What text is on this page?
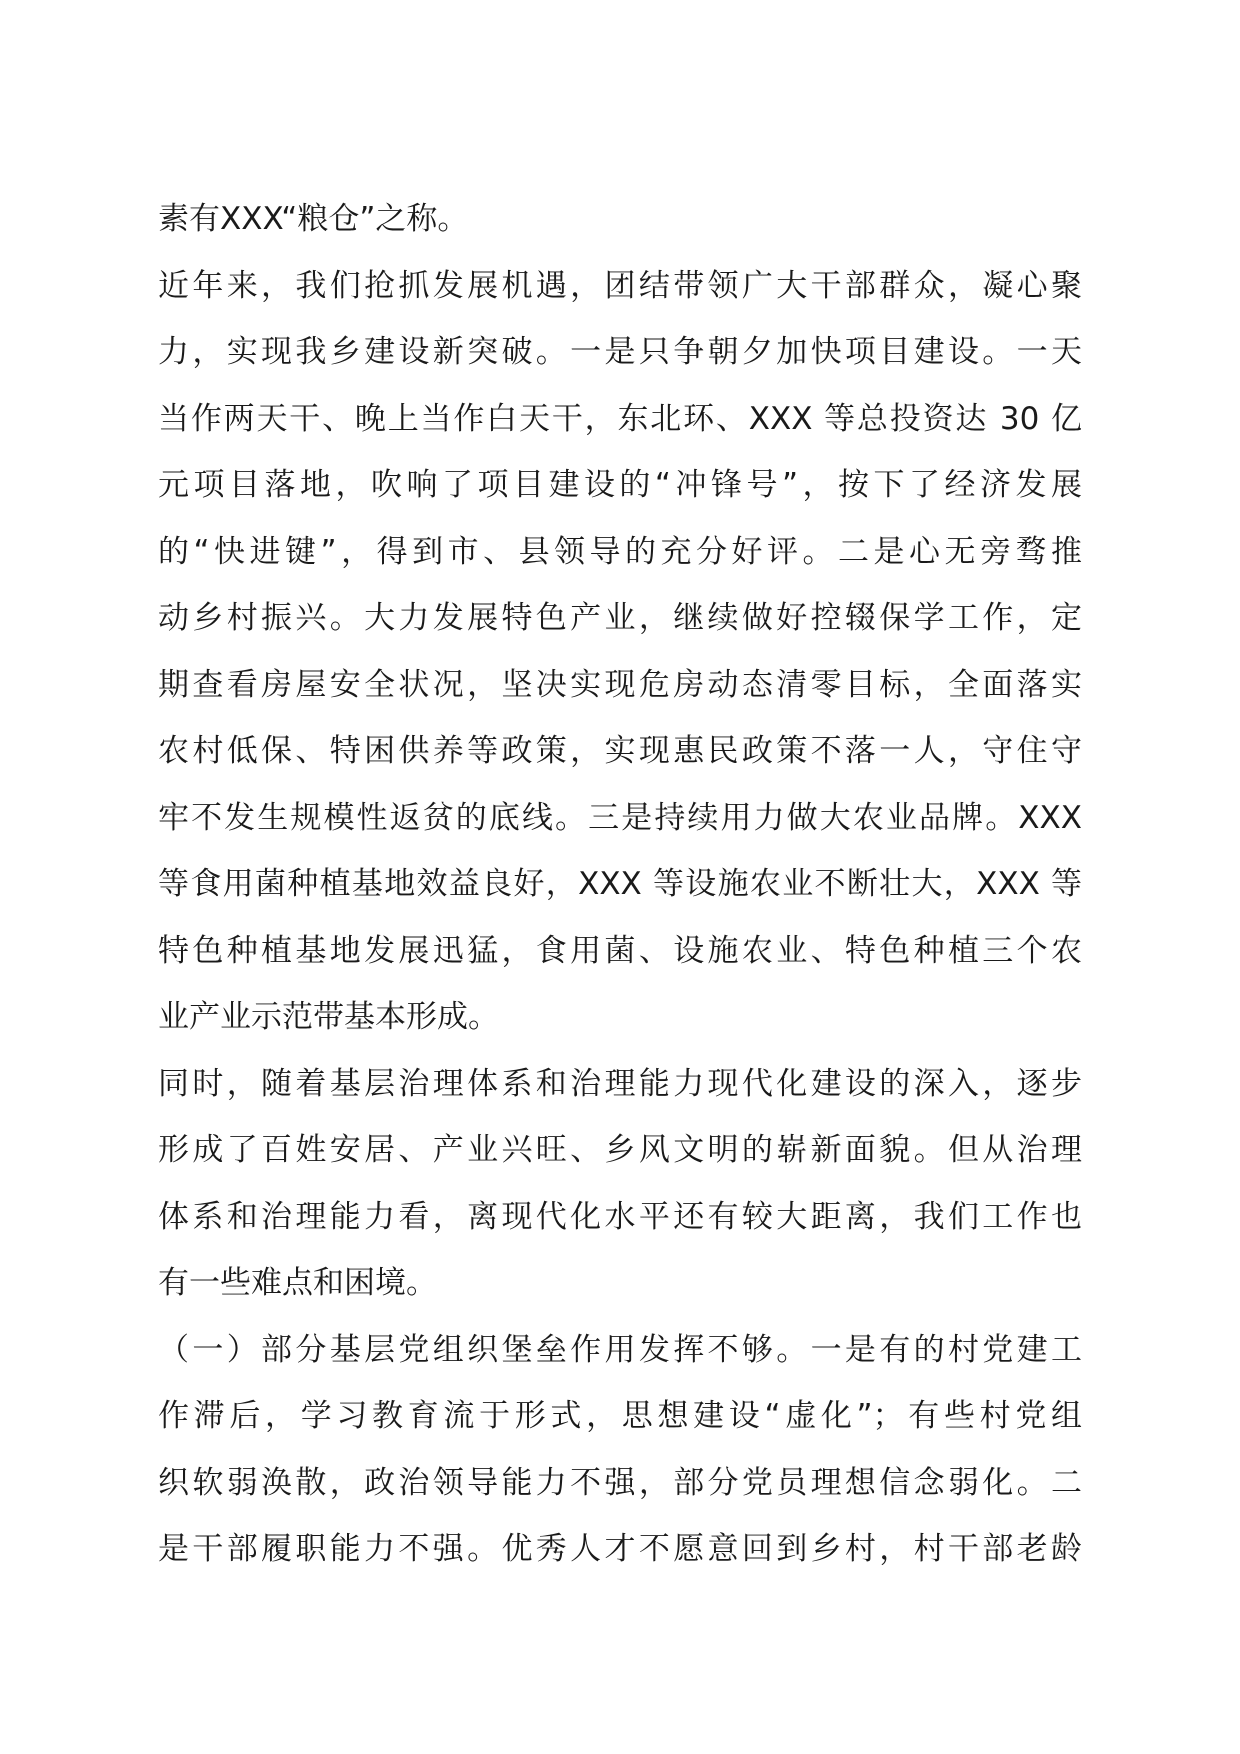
素有XXX“粮仓”之称。
近年来，我们抢抓发展机遇，团结带领广大干部群众，凝心聚
力，实现我乡建设新突破。一是只争朝夕加快项目建设。一天
当作两天干、晚上当作白天干，东北环、XXX 等总投资达 30 亿
元项目落地，吹响了项目建设的“冲锋号”，按下了经济发展
的“快进键”，得到市、县领导的充分好评。二是心无旁骛推
动乡村振兴。大力发展特色产业，继续做好控辍保学工作，定
期查看房屋安全状况，坚决实现危房动态清零目标，全面落实
农村低保、特困供养等政策，实现惠民政策不落一人，守住守
牢不发生规模性返贫的底线。三是持续用力做大农业品牌。XXX
等食用菌种植基地效益良好，XXX 等设施农业不断壮大，XXX 等
特色种植基地发展迅猛，食用菌、设施农业、特色种植三个农
业产业示范带基本形成。
同时，随着基层治理体系和治理能力现代化建设的深入，逐步
形成了百姓安居、产业兴旺、乡风文明的崭新面貌。但从治理
体系和治理能力看，离现代化水平还有较大距离，我们工作也
有一些难点和困境。
（一）部分基层党组织堡垒作用发挥不够。一是有的村党建工
作滞后，学习教育流于形式，思想建设“虚化”；有些村党组
织软弱涣散，政治领导能力不强，部分党员理想信念弱化。二
是干部履职能力不强。优秀人才不愿意回到乡村，村干部老龄
